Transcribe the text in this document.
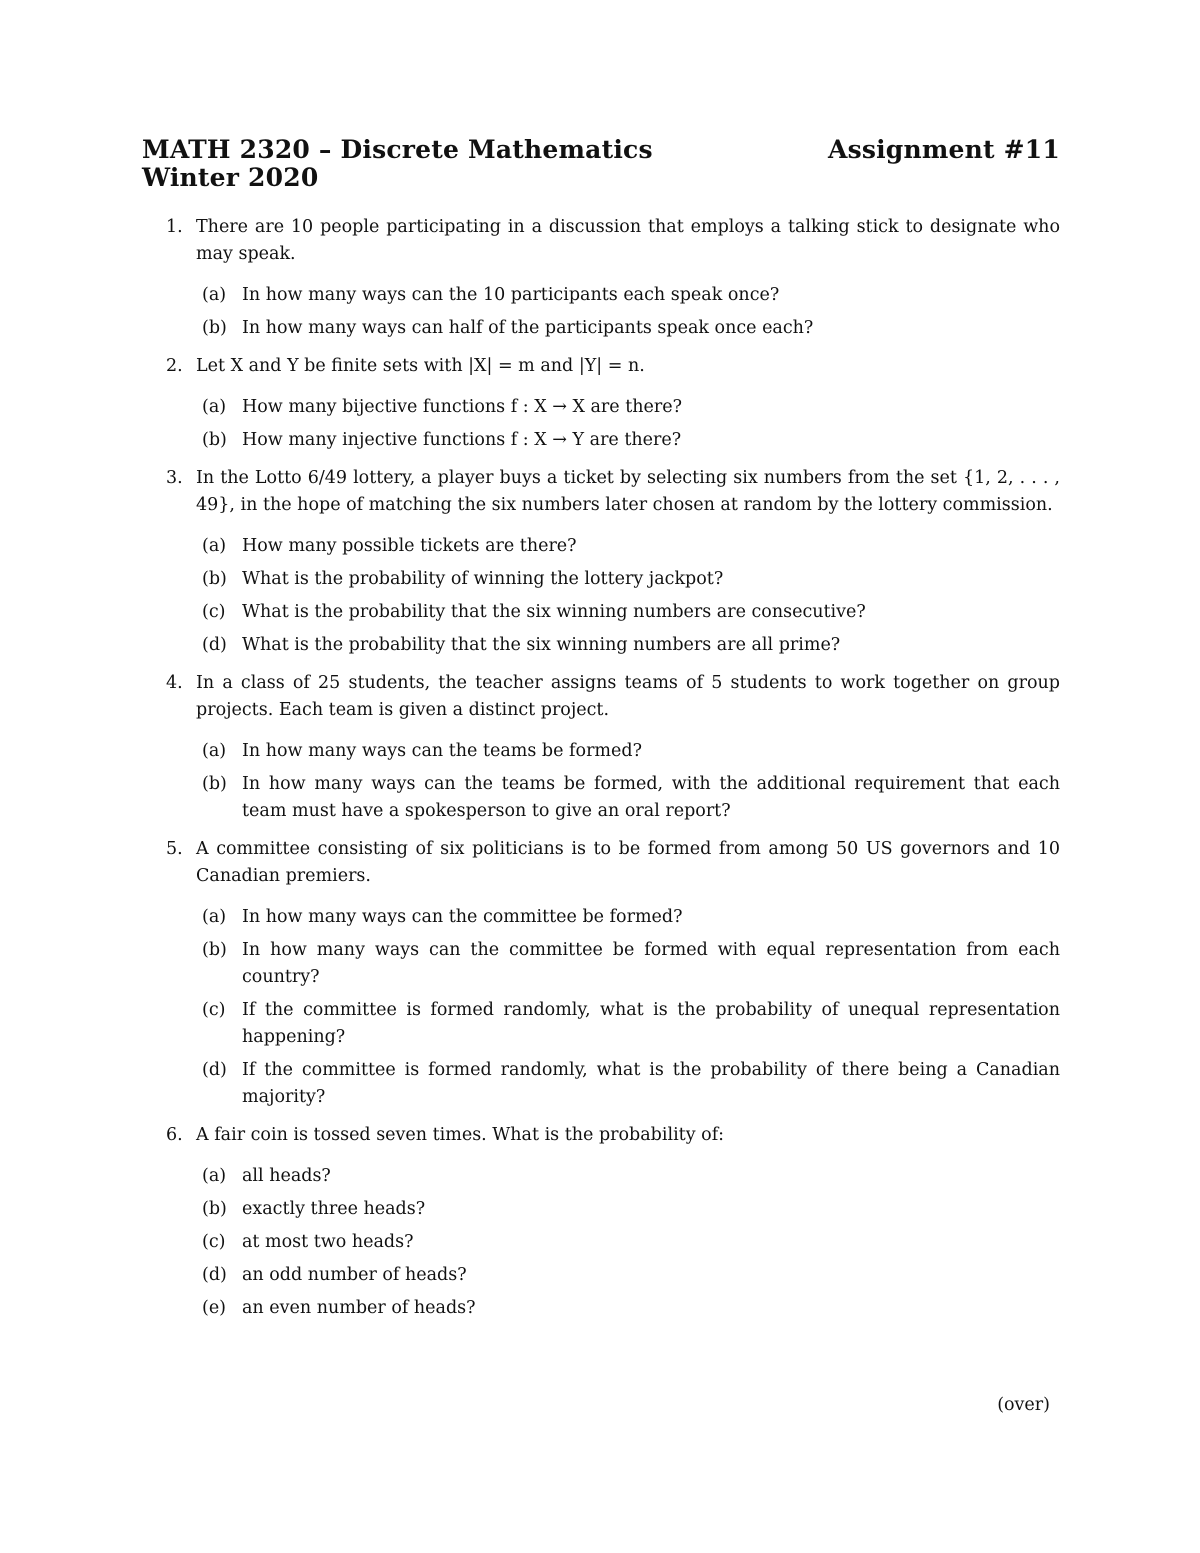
MATH 2320 – Discrete Mathematics	Assignment #11
Winter 2020
1. There are 10 people participating in a discussion that employs a talking stick to designate who may speak.

(a) In how many ways can the 10 participants each speak once?
(b) In how many ways can half of the participants speak once each?
2. Let X and Y be finite sets with |X| = m and |Y| = n.

(a) How many bijective functions f : X → X are there?
(b) How many injective functions f : X → Y are there?
3. In the Lotto 6/49 lottery, a player buys a ticket by selecting six numbers from the set {1, 2, . . . , 49}, in the hope of matching the six numbers later chosen at random by the lottery commission.

(a) How many possible tickets are there?
(b) What is the probability of winning the lottery jackpot?
(c) What is the probability that the six winning numbers are consecutive?
(d) What is the probability that the six winning numbers are all prime?
4. In a class of 25 students, the teacher assigns teams of 5 students to work together on group projects. Each team is given a distinct project.

(a) In how many ways can the teams be formed?
(b) In how many ways can the teams be formed, with the additional requirement that each team must have a spokesperson to give an oral report?
5. A committee consisting of six politicians is to be formed from among 50 US governors and 10 Canadian premiers.

(a) In how many ways can the committee be formed?
(b) In how many ways can the committee be formed with equal representation from each country?
(c) If the committee is formed randomly, what is the probability of unequal representation happening?
(d) If the committee is formed randomly, what is the probability of there being a Canadian majority?
6. A fair coin is tossed seven times. What is the probability of:

(a) all heads?
(b) exactly three heads?
(c) at most two heads?
(d) an odd number of heads?
(e) an even number of heads?
(over)
